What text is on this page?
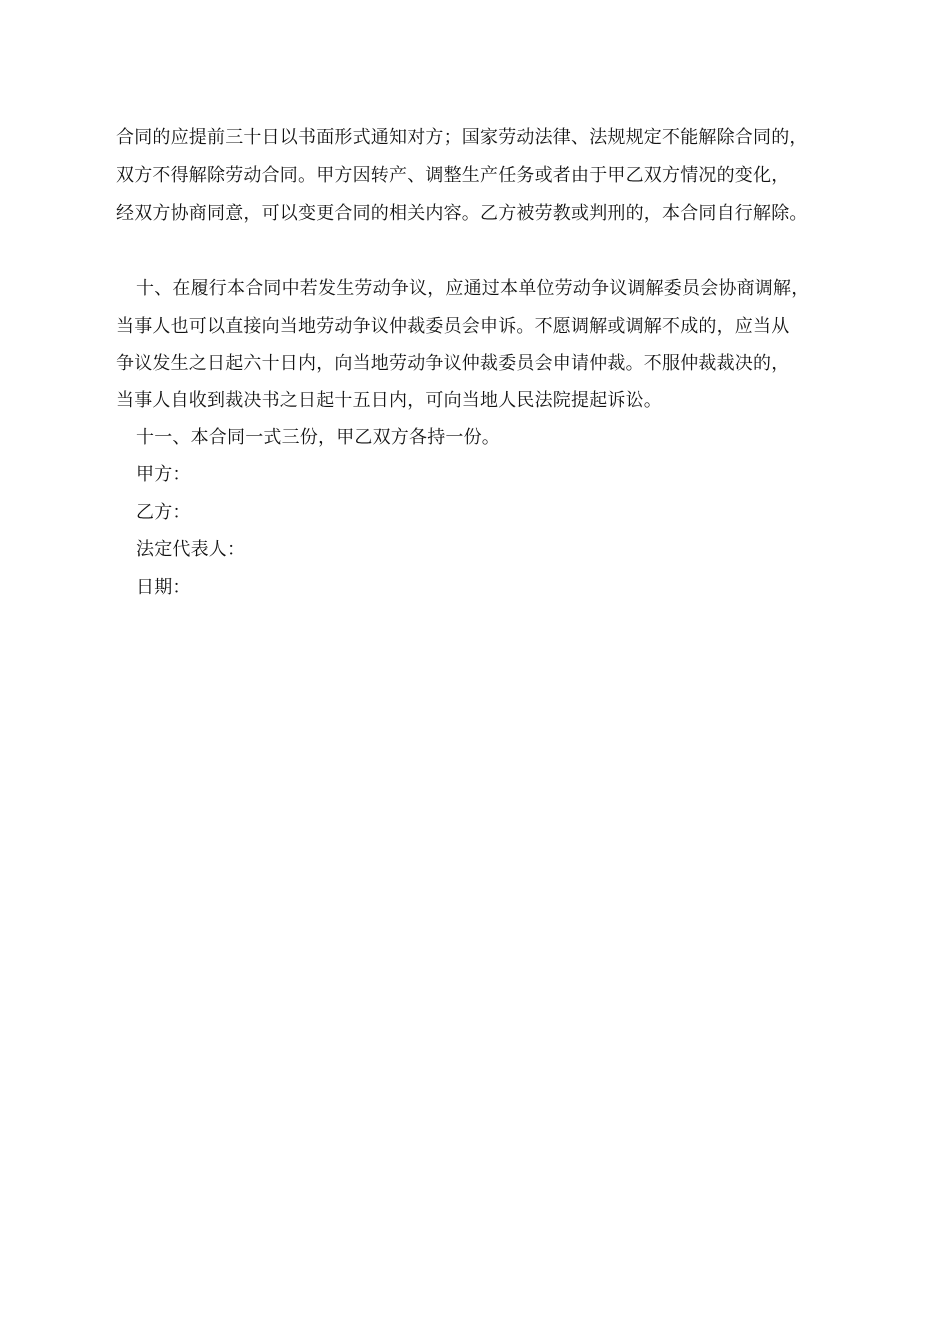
合同的应提前三十日以书面形式通知对方；国家劳动法律、法规规定不能解除合同的，
双方不得解除劳动合同。甲方因转产、调整生产任务或者由于甲乙双方情况的变化，
经双方协商同意，可以变更合同的相关内容。乙方被劳教或判刑的，本合同自行解除。
十、在履行本合同中若发生劳动争议，应通过本单位劳动争议调解委员会协商调解，
当事人也可以直接向当地劳动争议仲裁委员会申诉。不愿调解或调解不成的，应当从
争议发生之日起六十日内，向当地劳动争议仲裁委员会申请仲裁。不服仲裁裁决的，
当事人自收到裁决书之日起十五日内，可向当地人民法院提起诉讼。
十一、本合同一式三份，甲乙双方各持一份。
甲方：
乙方：
法定代表人：
日期：
